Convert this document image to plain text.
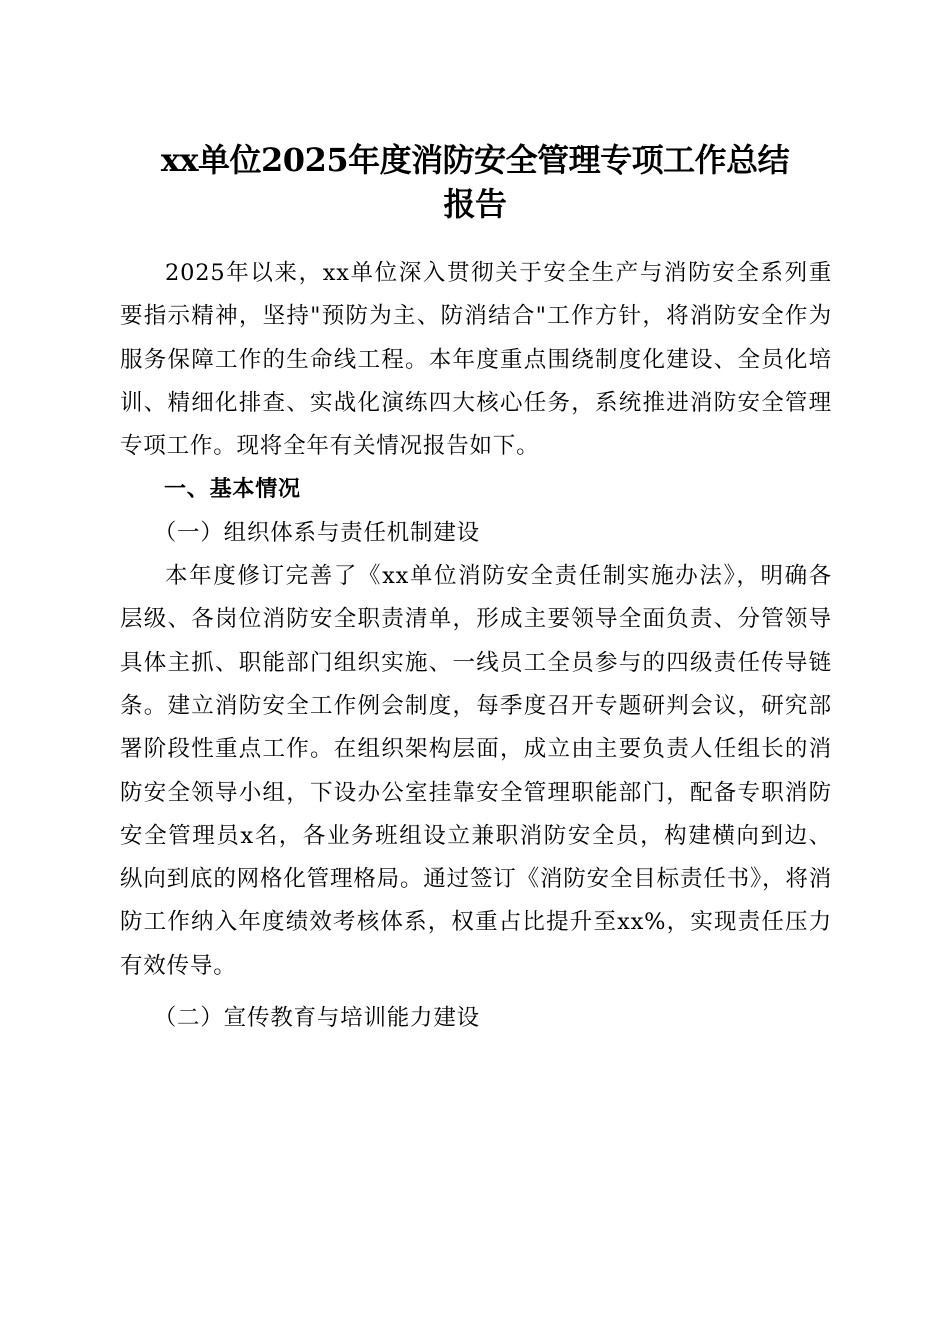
xx单位2025年度消防安全管理专项工作总结
报告

2025年以来，xx单位深入贯彻关于安全生产与消防安全系列重要指示精神，坚持"预防为主、防消结合"工作方针，将消防安全作为服务保障工作的生命线工程。本年度重点围绕制度化建设、全员化培训、精细化排查、实战化演练四大核心任务，系统推进消防安全管理专项工作。现将全年有关情况报告如下。

一、基本情况

（一）组织体系与责任机制建设

本年度修订完善了《xx单位消防安全责任制实施办法》，明确各层级、各岗位消防安全职责清单，形成主要领导全面负责、分管领导具体主抓、职能部门组织实施、一线员工全员参与的四级责任传导链条。建立消防安全工作例会制度，每季度召开专题研判会议，研究部署阶段性重点工作。在组织架构层面，成立由主要负责人任组长的消防安全领导小组，下设办公室挂靠安全管理职能部门，配备专职消防安全管理员x名，各业务班组设立兼职消防安全员，构建横向到边、纵向到底的网格化管理格局。通过签订《消防安全目标责任书》，将消防工作纳入年度绩效考核体系，权重占比提升至xx%，实现责任压力有效传导。

（二）宣传教育与培训能力建设
